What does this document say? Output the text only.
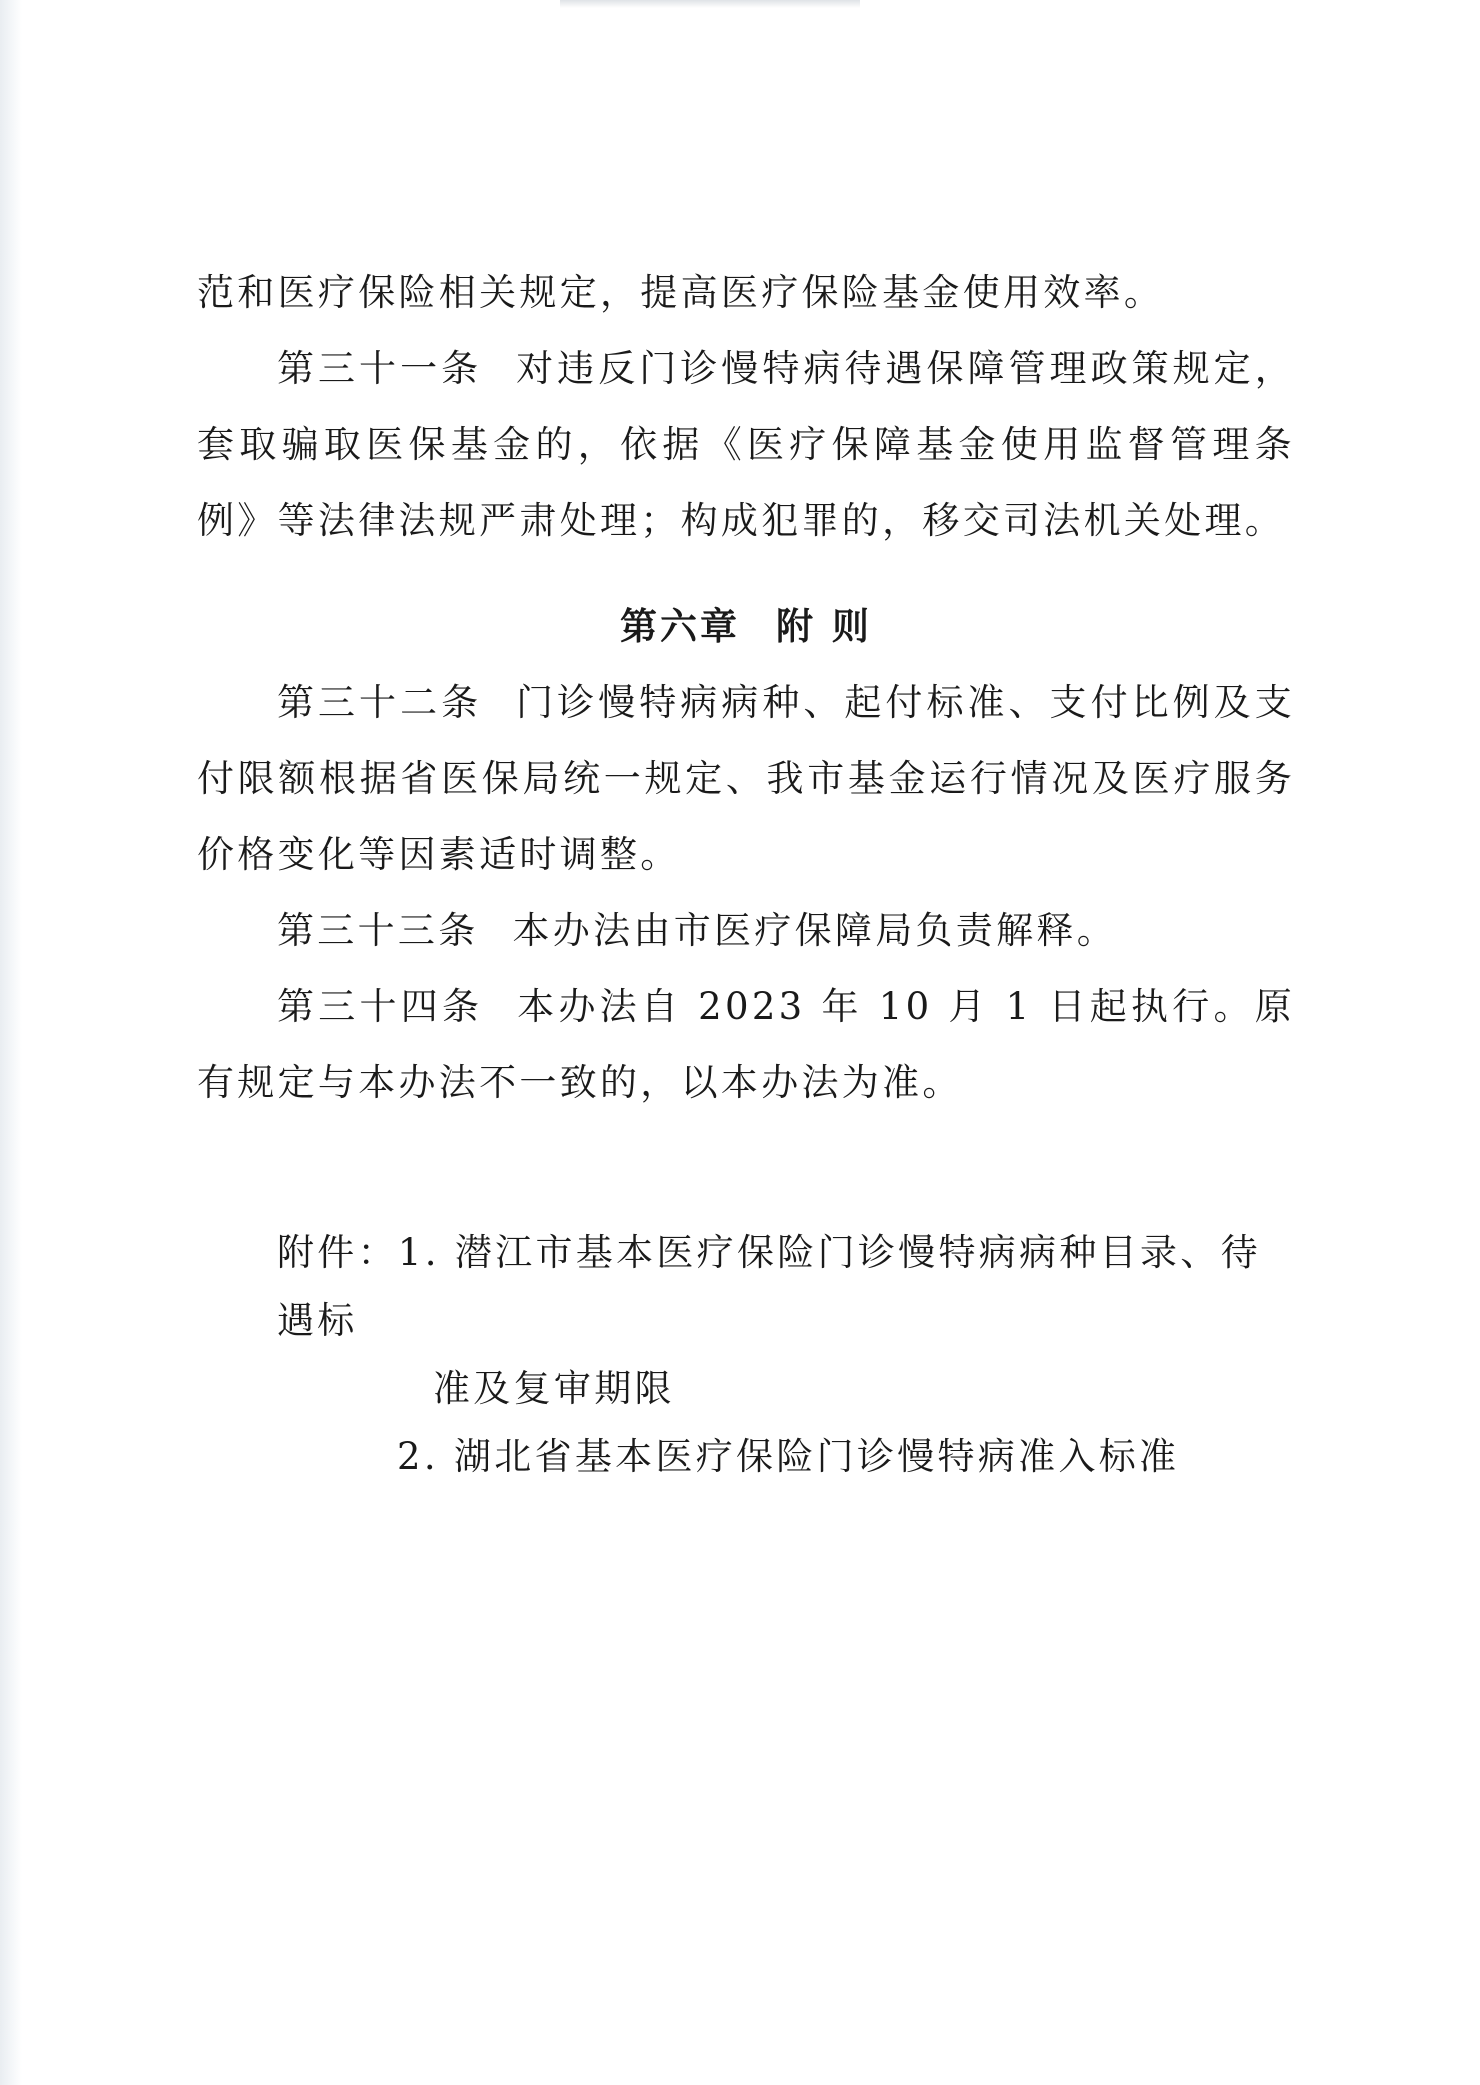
范和医疗保险相关规定，提高医疗保险基金使用效率。

第三十一条 对违反门诊慢特病待遇保障管理政策规定，套取骗取医保基金的，依据《医疗保障基金使用监督管理条例》等法律法规严肃处理；构成犯罪的，移交司法机关处理。

第六章 附 则

第三十二条 门诊慢特病病种、起付标准、支付比例及支付限额根据省医保局统一规定、我市基金运行情况及医疗服务价格变化等因素适时调整。

第三十三条 本办法由市医疗保障局负责解释。

第三十四条 本办法自 2023 年 10 月 1 日起执行。原有规定与本办法不一致的，以本办法为准。

附件：1. 潜江市基本医疗保险门诊慢特病病种目录、待遇标

准及复审期限

2. 湖北省基本医疗保险门诊慢特病准入标准
